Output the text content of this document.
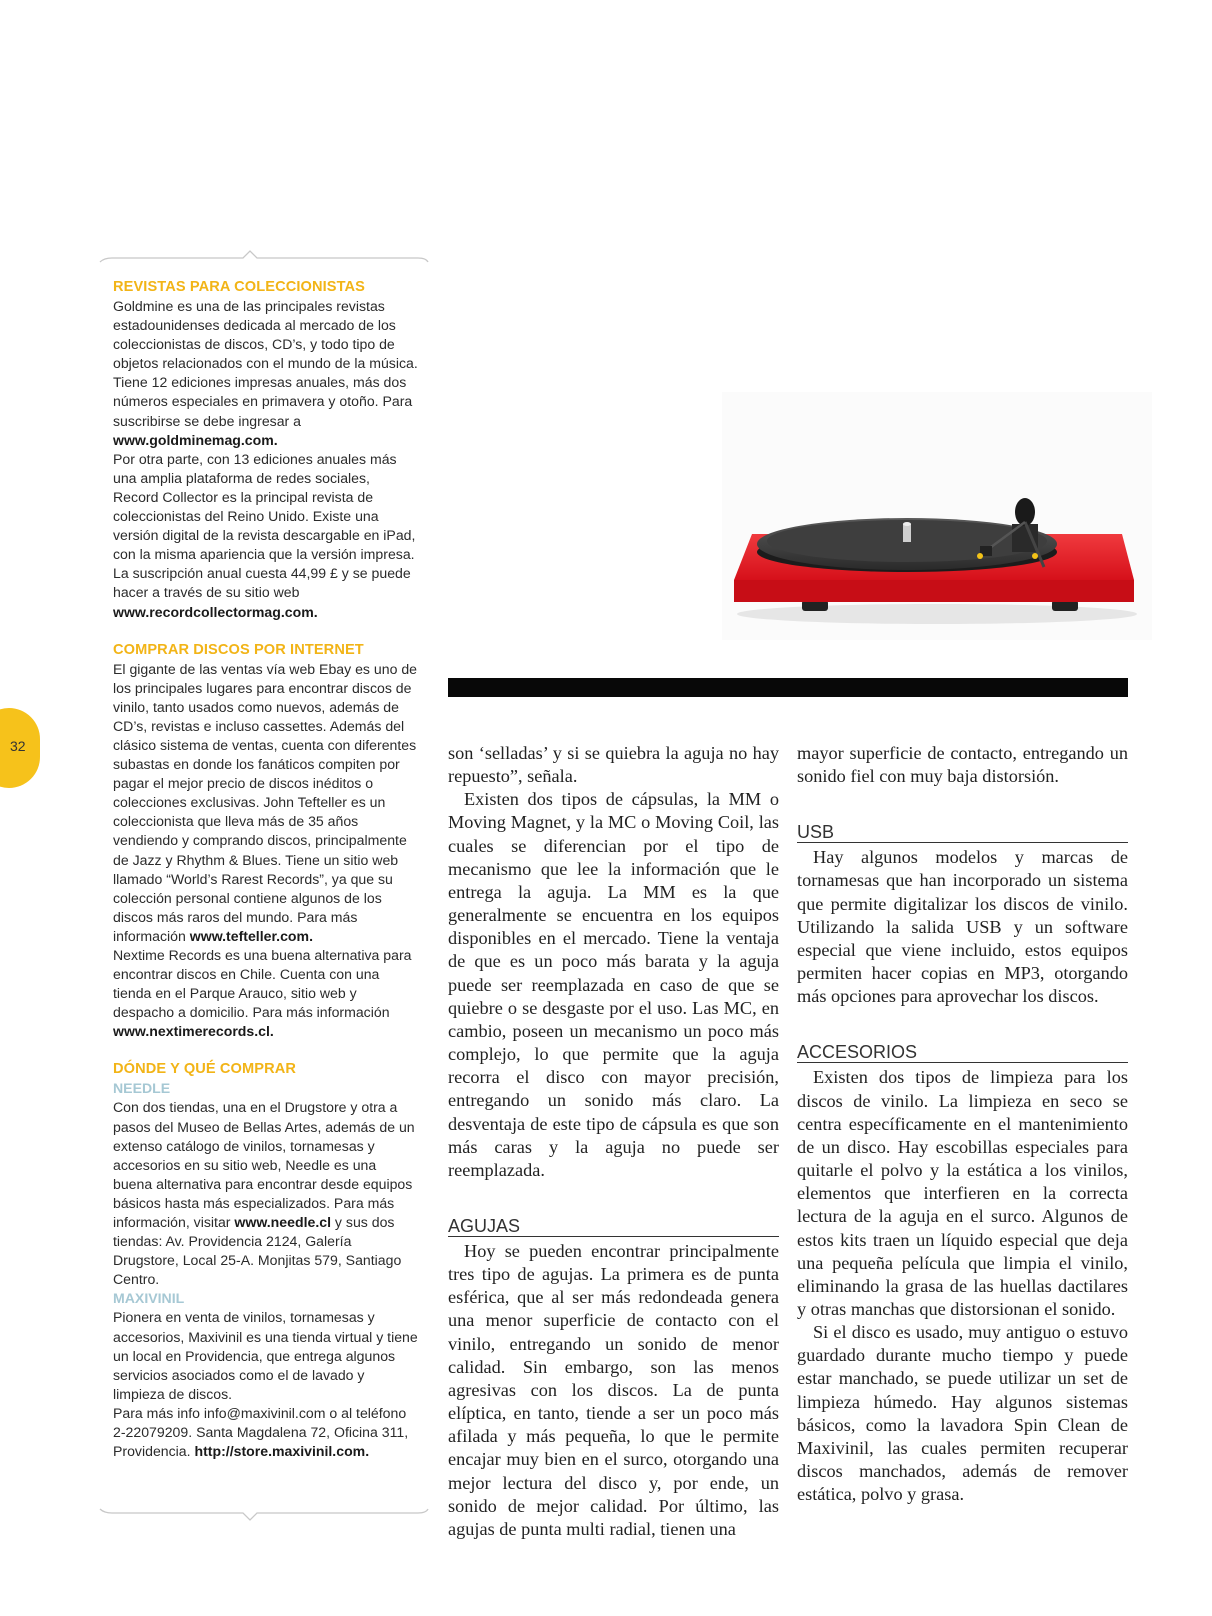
32

REVISTAS PARA COLECCIONISTAS

Goldmine es una de las principales revistas estadounidenses dedicada al mercado de los coleccionistas de discos, CD’s, y todo tipo de objetos relacionados con el mundo de la música. Tiene 12 ediciones impresas anuales, más dos números especiales en primavera y otoño. Para suscribirse se debe ingresar a www.goldminemag.com.

Por otra parte, con 13 ediciones anuales más una amplia plataforma de redes sociales, Record Collector es la principal revista de coleccionistas del Reino Unido. Existe una versión digital de la revista descargable en iPad, con la misma apariencia que la versión impresa. La suscripción anual cuesta 44,99 £ y se puede hacer a través de su sitio web www.recordcollectormag.com.

COMPRAR DISCOS POR INTERNET

El gigante de las ventas vía web Ebay es uno de los principales lugares para encontrar discos de vinilo, tanto usados como nuevos, además de CD’s, revistas e incluso cassettes. Además del clásico sistema de ventas, cuenta con diferentes subastas en donde los fanáticos compiten por pagar el mejor precio de discos inéditos o colecciones exclusivas. John Tefteller es un coleccionista que lleva más de 35 años vendiendo y comprando discos, principalmente de Jazz y Rhythm & Blues. Tiene un sitio web llamado “World’s Rarest Records”, ya que su colección personal contiene algunos de los discos más raros del mundo. Para más información www.tefteller.com.

Nextime Records es una buena alternativa para encontrar discos en Chile. Cuenta con una tienda en el Parque Arauco, sitio web y despacho a domicilio. Para más información www.nextimerecords.cl.

DÓNDE Y QUÉ COMPRAR

NEEDLE

Con dos tiendas, una en el Drugstore y otra a pasos del Museo de Bellas Artes, además de un extenso catálogo de vinilos, tornamesas y accesorios en su sitio web, Needle es una buena alternativa para encontrar desde equipos básicos hasta más especializados. Para más información, visitar www.needle.cl y sus dos tiendas: Av. Providencia 2124, Galería Drugstore, Local 25-A. Monjitas 579, Santiago Centro.

MAXIVINIL

Pionera en venta de vinilos, tornamesas y accesorios, Maxivinil es una tienda virtual y tiene un local en Providencia, que entrega algunos servicios asociados como el de lavado y limpieza de discos.

Para más info info@maxivinil.com o al teléfono 2-22079209. Santa Magdalena 72, Oficina 311, Providencia. http://store.maxivinil.com.

son ‘selladas’ y si se quiebra la aguja no hay repuesto”, señala.

Existen dos tipos de cápsulas, la MM o Moving Magnet, y la MC o Moving Coil, las cuales se diferencian por el tipo de mecanismo que lee la información que le entrega la aguja. La MM es la que generalmente se encuentra en los equipos disponibles en el mercado. Tiene la ventaja de que es un poco más barata y la aguja puede ser reemplazada en caso de que se quiebre o se desgaste por el uso. Las MC, en cambio, poseen un mecanismo un poco más complejo, lo que permite que la aguja recorra el disco con mayor precisión, entregando un sonido más claro. La desventaja de este tipo de cápsula es que son más caras y la aguja no puede ser reemplazada.

AGUJAS

Hoy se pueden encontrar principalmente tres tipo de agujas. La primera es de punta esférica, que al ser más redondeada genera una menor superficie de contacto con el vinilo, entregando un sonido de menor calidad. Sin embargo, son las menos agresivas con los discos. La de punta elíptica, en tanto, tiende a ser un poco más afilada y más pequeña, lo que le permite encajar muy bien en el surco, otorgando una mejor lectura del disco y, por ende, un sonido de mejor calidad. Por último, las agujas de punta multi radial, tienen una

mayor superficie de contacto, entregando un sonido fiel con muy baja distorsión.

USB

Hay algunos modelos y marcas de tornamesas que han incorporado un sistema que permite digitalizar los discos de vinilo. Utilizando la salida USB y un software especial que viene incluido, estos equipos permiten hacer copias en MP3, otorgando más opciones para aprovechar los discos.

ACCESORIOS

Existen dos tipos de limpieza para los discos de vinilo. La limpieza en seco se centra específicamente en el mantenimiento de un disco. Hay escobillas especiales para quitarle el polvo y la estática a los vinilos, elementos que interfieren en la correcta lectura de la aguja en el surco. Algunos de estos kits traen un líquido especial que deja una pequeña película que limpia el vinilo, eliminando la grasa de las huellas dactilares y otras manchas que distorsionan el sonido.

Si el disco es usado, muy antiguo o estuvo guardado durante mucho tiempo y puede estar manchado, se puede utilizar un set de limpieza húmedo. Hay algunos sistemas básicos, como la lavadora Spin Clean de Maxivinil, las cuales permiten recuperar discos manchados, además de remover estática, polvo y grasa.
